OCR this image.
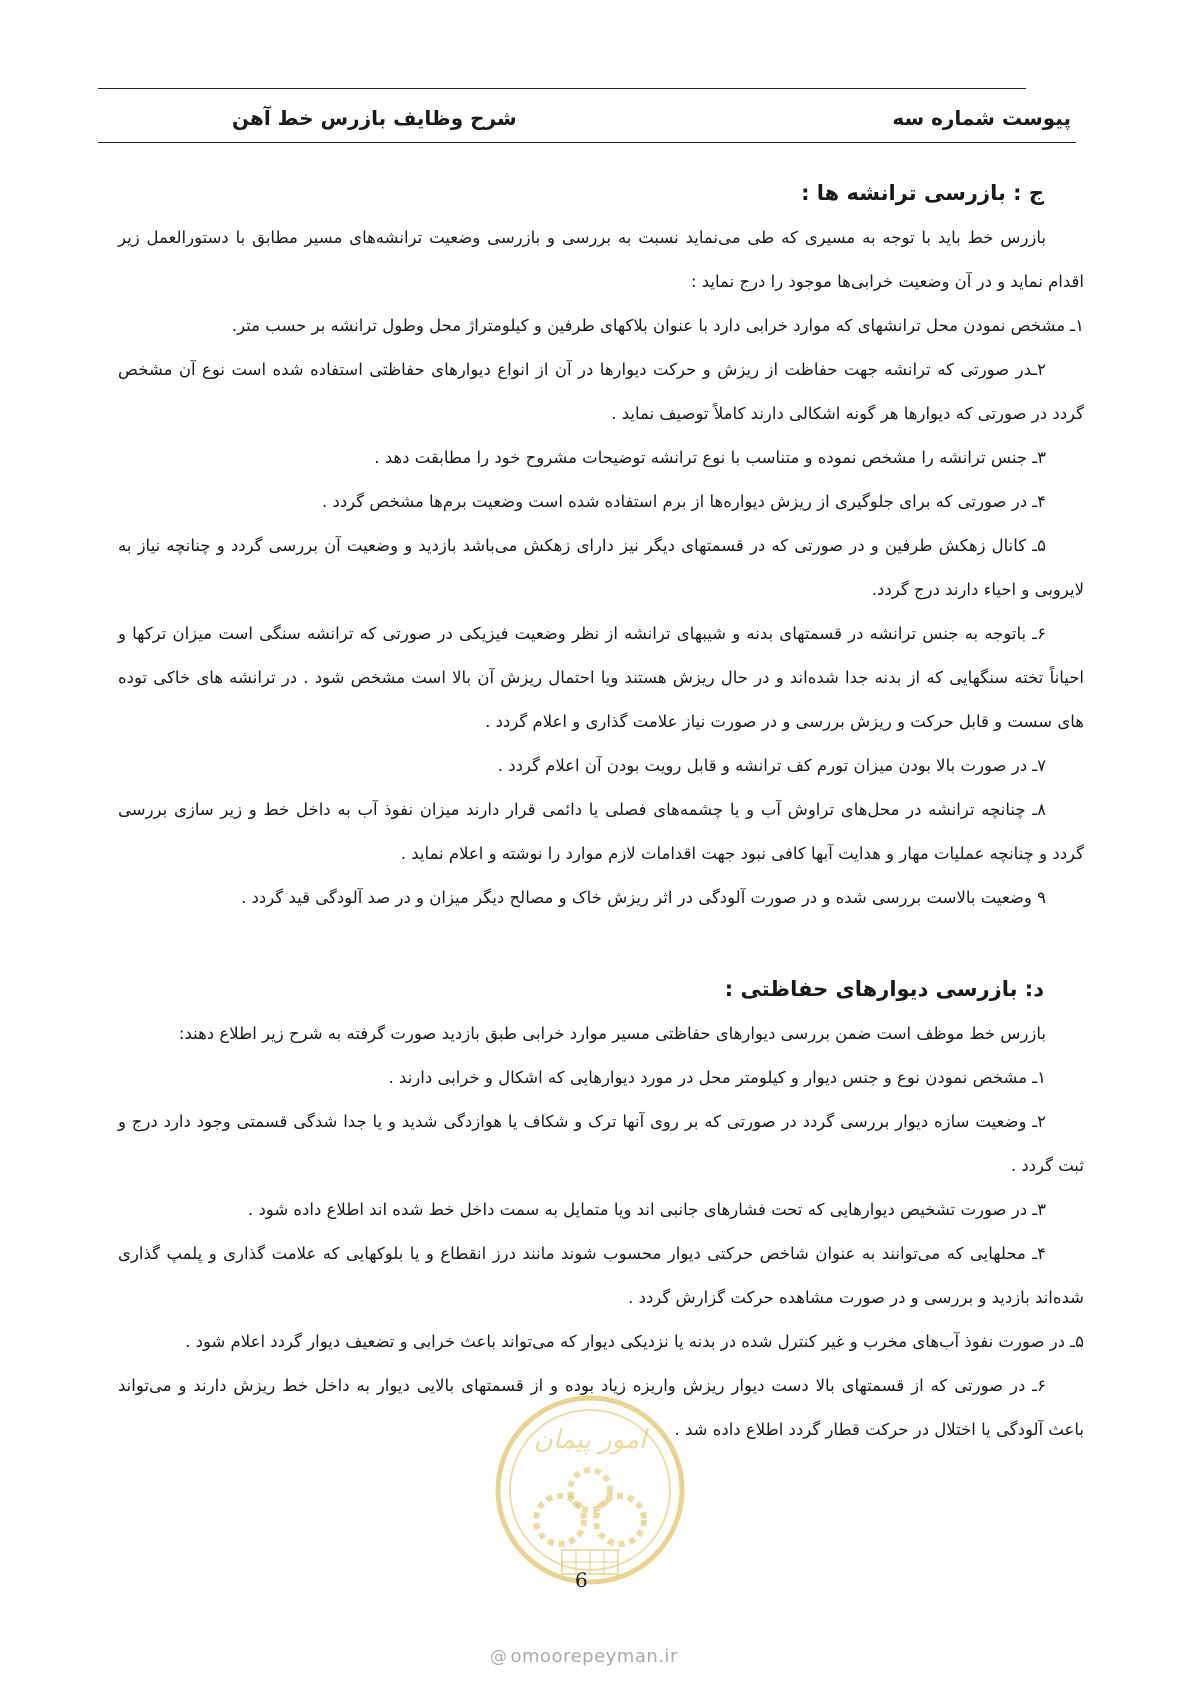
پیوست شماره سه
شرح وظایف بازرس خط آهن
ج : بازرسی ترانشه ها :

بازرس خط باید با توجه به مسیری که طی می‌نماید نسبت به بررسی و بازرسی وضعیت ترانشه‌های مسیر مطابق با دستورالعمل زیر اقدام نماید و در آن وضعیت خرابی‌ها موجود را درج نماید :

۱ـ مشخص نمودن محل ترانشهای که موارد خرابی دارد با عنوان بلاکهای طرفین و کیلومتراژ محل وطول ترانشه بر حسب متر.

۲ـدر صورتی که ترانشه جهت حفاظت از ریزش و حرکت دیوارها در آن از انواع دیوارهای حفاظتی استفاده شده است نوع آن مشخص گردد در صورتی که دیوارها هر گونه اشکالی دارند کاملاً توصیف نماید .

۳ـ جنس ترانشه را مشخص نموده و متناسب با نوع ترانشه توضیحات مشروح خود را مطابقت دهد .

۴ـ در صورتی که برای جلوگیری از ریزش دیواره‌ها از برم استفاده شده است وضعیت برم‌ها مشخص گردد .

۵ـ کانال زهکش طرفین و در صورتی که در قسمتهای دیگر نیز دارای زهکش می‌باشد بازدید و وضعیت آن بررسی گردد و چنانچه نیاز به لایروبی و احیاء دارند درج گردد.

۶ـ باتوجه به جنس ترانشه در قسمتهای بدنه و شیبهای ترانشه از نظر وضعیت فیزیکی در صورتی که ترانشه سنگی است میزان ترکها و احیاناً تخته سنگهایی که از بدنه جدا شده‌اند و در حال ریزش هستند ویا احتمال ریزش آن بالا است مشخص شود . در ترانشه های خاکی توده های سست و قابل حرکت و ریزش بررسی و در صورت نیاز علامت گذاری و اعلام گردد .

۷ـ در صورت بالا بودن میزان تورم کف ترانشه و قابل رویت بودن آن اعلام گردد .

۸ـ چنانچه ترانشه در محل‌های تراوش آب و یا چشمه‌های فصلی یا دائمی قرار دارند میزان نفوذ آب به داخل خط و زیر سازی بررسی گردد و چنانچه عملیات مهار و هدایت آبها کافی نبود جهت اقدامات لازم موارد را نوشته و اعلام نماید .

۹ وضعیت بالاست بررسی شده و در صورت آلودگی در اثر ریزش خاک و مصالح دیگر میزان و در صد آلودگی قید گردد .

د: بازرسی دیوارهای حفاظتی :

بازرس خط موظف است ضمن بررسی دیوارهای حفاظتی مسیر موارد خرابی طبق بازدید صورت گرفته به شرح زیر اطلاع دهند:

۱ـ مشخص نمودن نوع و جنس دیوار و کیلومتر محل در مورد دیوارهایی که اشکال و خرابی دارند .

۲ـ وضعیت سازه دیوار بررسی گردد در صورتی که بر روی آنها ترک و شکاف یا هوازدگی شدید و یا جدا شدگی قسمتی وجود دارد درج و ثبت گردد .

۳ـ در صورت تشخیص دیوارهایی که تحت فشارهای جانبی اند ویا متمایل به سمت داخل خط شده اند اطلاع داده شود .

۴ـ محلهایی که می‌توانند به عنوان شاخص حرکتی دیوار محسوب شوند مانند درز انقطاع و یا بلوکهایی که علامت گذاری و پلمپ گذاری شده‌اند بازدید و بررسی و در صورت مشاهده حرکت گزارش گردد .

۵ـ در صورت نفوذ آب‌های مخرب و غیر کنترل شده در بدنه یا نزدیکی دیوار که می‌تواند باعث خرابی و تضعیف دیوار گردد اعلام شود .

۶ـ در صورتی که از قسمتهای بالا دست دیوار ریزش واریزه زیاد بوده و از قسمتهای بالایی دیوار به داخل خط ریزش دارند و می‌تواند باعث آلودگی یا اختلال در حرکت قطار گردد اطلاع داده شد .

امور پیمان
6
@ omoorepeyman.ir
